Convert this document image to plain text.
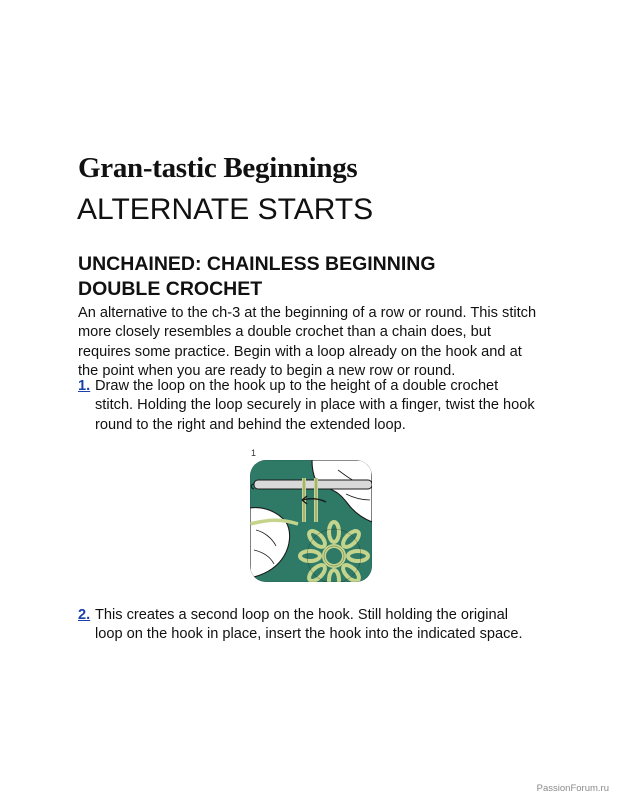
Gran-tastic Beginnings
ALTERNATE STARTS
UNCHAINED: CHAINLESS BEGINNING DOUBLE CROCHET

An alternative to the ch-3 at the beginning of a row or round. This stitch more closely resembles a double crochet than a chain does, but requires some practice. Begin with a loop already on the hook and at the point when you are ready to begin a new row or round.

1. Draw the loop on the hook up to the height of a double crochet stitch. Holding the loop securely in place with a finger, twist the hook round to the right and behind the extended loop.
1
2. This creates a second loop on the hook. Still holding the original loop on the hook in place, insert the hook into the indicated space.
PassionForum.ru
